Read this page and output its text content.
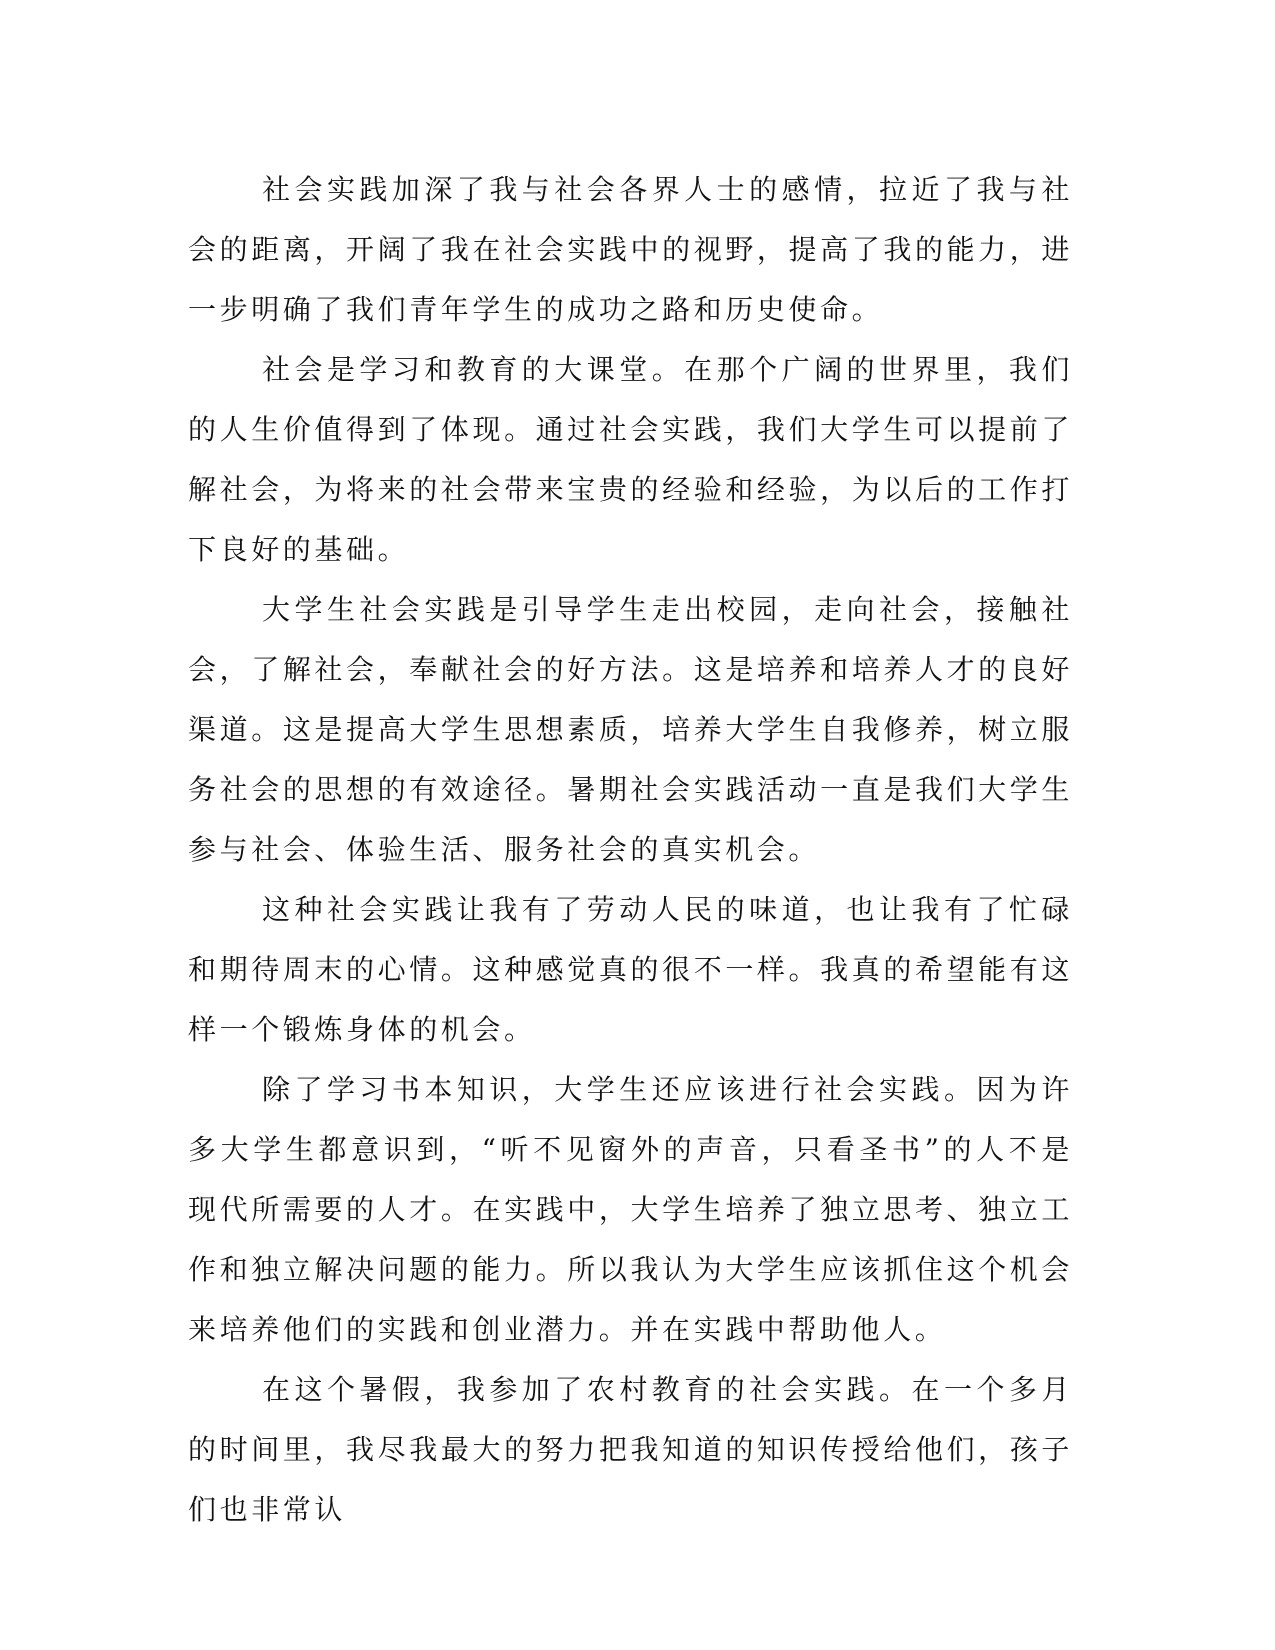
社会实践加深了我与社会各界人士的感情，拉近了我与社会的距离，开阔了我在社会实践中的视野，提高了我的能力，进一步明确了我们青年学生的成功之路和历史使命。

社会是学习和教育的大课堂。在那个广阔的世界里，我们的人生价值得到了体现。通过社会实践，我们大学生可以提前了解社会，为将来的社会带来宝贵的经验和经验，为以后的工作打下良好的基础。

大学生社会实践是引导学生走出校园，走向社会，接触社会，了解社会，奉献社会的好方法。这是培养和培养人才的良好渠道。这是提高大学生思想素质，培养大学生自我修养，树立服务社会的思想的有效途径。暑期社会实践活动一直是我们大学生参与社会、体验生活、服务社会的真实机会。

这种社会实践让我有了劳动人民的味道，也让我有了忙碌和期待周末的心情。这种感觉真的很不一样。我真的希望能有这样一个锻炼身体的机会。

除了学习书本知识，大学生还应该进行社会实践。因为许多大学生都意识到，“听不见窗外的声音，只看圣书”的人不是现代所需要的人才。在实践中，大学生培养了独立思考、独立工作和独立解决问题的能力。所以我认为大学生应该抓住这个机会来培养他们的实践和创业潜力。并在实践中帮助他人。

在这个暑假，我参加了农村教育的社会实践。在一个多月的时间里，我尽我最大的努力把我知道的知识传授给他们，孩子们也非常认
